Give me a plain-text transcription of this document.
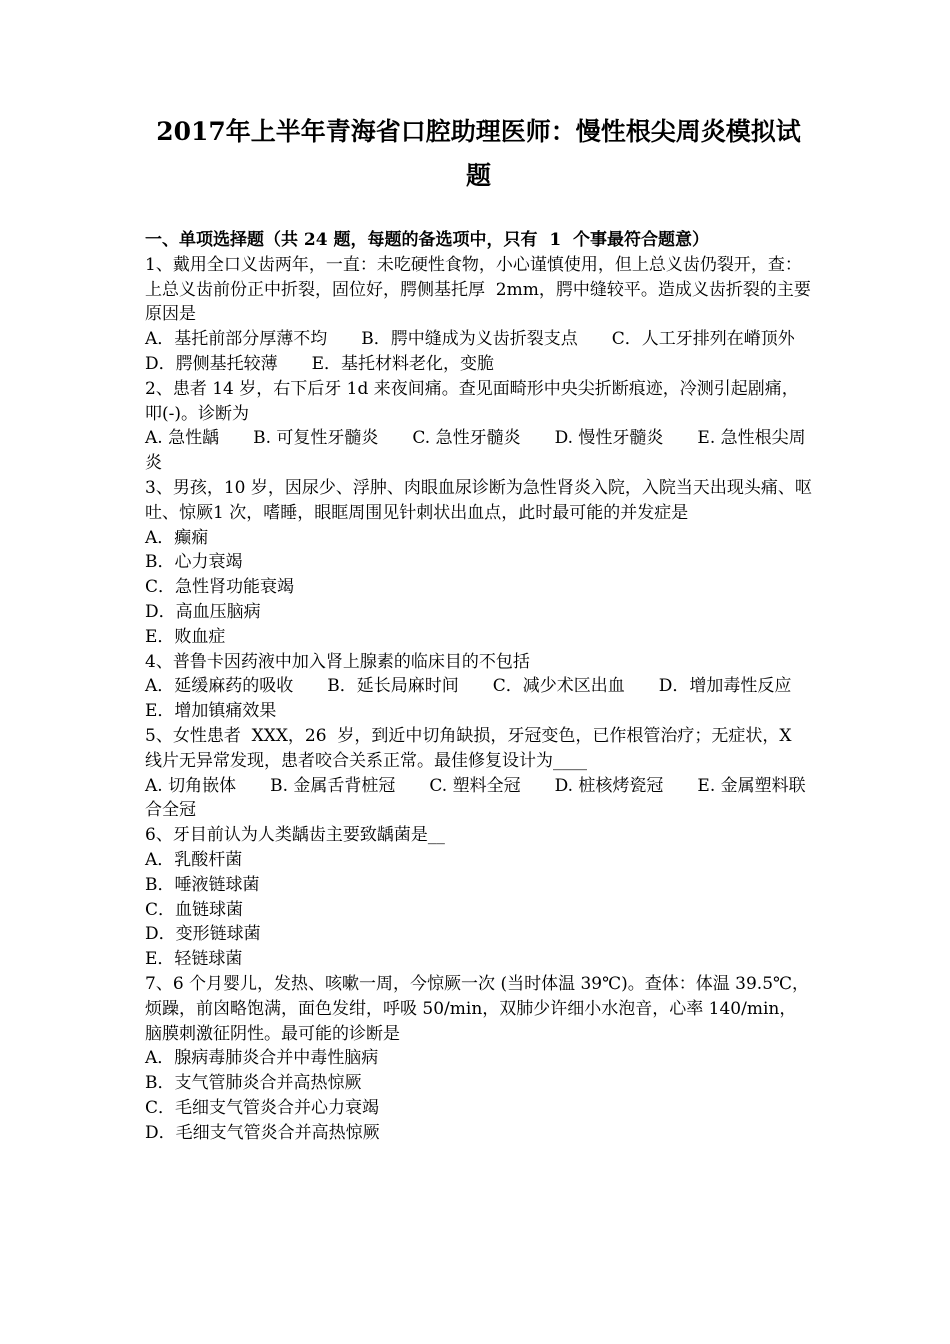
2017年上半年青海省口腔助理医师：慢性根尖周炎模拟试
题

一、单项选择题（共 24 题，每题的备选项中，只有  1  个事最符合题意）

1、戴用全口义齿两年，一直：未吃硬性食物，小心谨慎使用，但上总义齿仍裂开，查：上总义齿前份正中折裂，固位好，腭侧基托厚  2mm，腭中缝较平。造成义齿折裂的主要原因是

A．基托前部分厚薄不均　　B．腭中缝成为义齿折裂支点　　C．人工牙排列在嵴顶外　　D．腭侧基托较薄　　E．基托材料老化，变脆

2、患者 14 岁，右下后牙 1d 来夜间痛。查见面畸形中央尖折断痕迹，冷测引起剧痛，叩(-)。诊断为

A. 急性龋　　B. 可复性牙髓炎　　C. 急性牙髓炎　　D. 慢性牙髓炎　　E. 急性根尖周炎

3、男孩，10 岁，因尿少、浮肿、肉眼血尿诊断为急性肾炎入院，入院当天出现头痛、呕吐、惊厥1 次，嗜睡，眼眶周围见针刺状出血点，此时最可能的并发症是

A．癫痫

B．心力衰竭

C．急性肾功能衰竭

D．高血压脑病

E．败血症

4、普鲁卡因药液中加入肾上腺素的临床目的不包括

A．延缓麻药的吸收　　B．延长局麻时间　　C．减少术区出血　　D．增加毒性反应　　E．增加镇痛效果

5、女性患者  XXX，26  岁，到近中切角缺损，牙冠变色，已作根管治疗；无症状，X 线片无异常发现，患者咬合关系正常。最佳修复设计为____

A. 切角嵌体　　B. 金属舌背桩冠　　C. 塑料全冠　　D. 桩核烤瓷冠　　E. 金属塑料联合全冠

6、牙目前认为人类龋齿主要致龋菌是__

A．乳酸杆菌

B．唾液链球菌

C．血链球菌

D．变形链球菌

E．轻链球菌

7、6 个月婴儿，发热、咳嗽一周，今惊厥一次 (当时体温 39℃)。查体：体温 39.5℃，烦躁，前囟略饱满，面色发绀，呼吸 50/min，双肺少许细小水泡音，心率 140/min，脑膜刺激征阴性。最可能的诊断是

A．腺病毒肺炎合并中毒性脑病

B．支气管肺炎合并高热惊厥

C．毛细支气管炎合并心力衰竭

D．毛细支气管炎合并高热惊厥
